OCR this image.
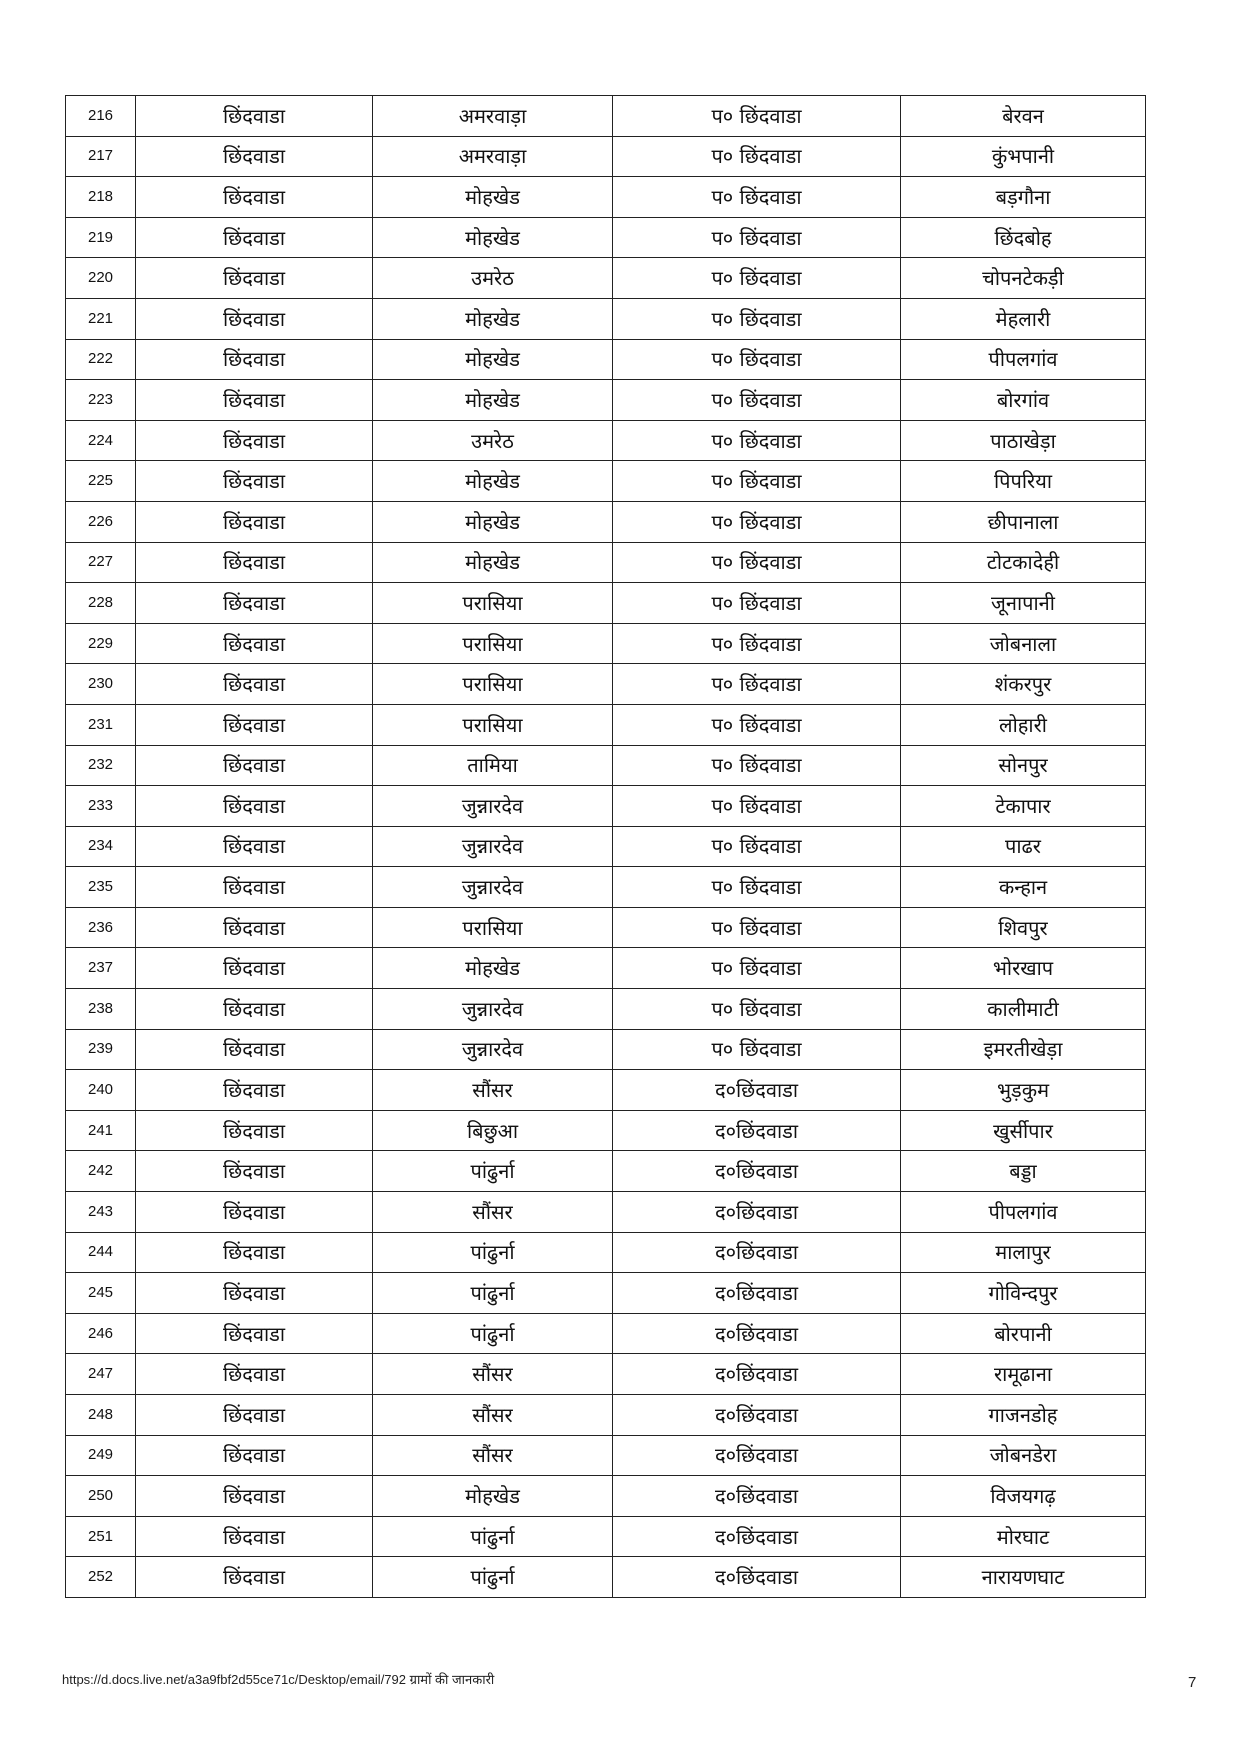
216	छिंदवाडा	अमरवाड़ा	प० छिंदवाडा	बेरवन
217	छिंदवाडा	अमरवाड़ा	प० छिंदवाडा	कुंभपानी
218	छिंदवाडा	मोहखेड	प० छिंदवाडा	बड़गौना
219	छिंदवाडा	मोहखेड	प० छिंदवाडा	छिंदबोह
220	छिंदवाडा	उमरेठ	प० छिंदवाडा	चोपनटेकड़ी
221	छिंदवाडा	मोहखेड	प० छिंदवाडा	मेहलारी
222	छिंदवाडा	मोहखेड	प० छिंदवाडा	पीपलगांव
223	छिंदवाडा	मोहखेड	प० छिंदवाडा	बोरगांव
224	छिंदवाडा	उमरेठ	प० छिंदवाडा	पाठाखेड़ा
225	छिंदवाडा	मोहखेड	प० छिंदवाडा	पिपरिया
226	छिंदवाडा	मोहखेड	प० छिंदवाडा	छीपानाला
227	छिंदवाडा	मोहखेड	प० छिंदवाडा	टोटकादेही
228	छिंदवाडा	परासिया	प० छिंदवाडा	जूनापानी
229	छिंदवाडा	परासिया	प० छिंदवाडा	जोबनाला
230	छिंदवाडा	परासिया	प० छिंदवाडा	शंकरपुर
231	छिंदवाडा	परासिया	प० छिंदवाडा	लोहारी
232	छिंदवाडा	तामिया	प० छिंदवाडा	सोनपुर
233	छिंदवाडा	जुन्नारदेव	प० छिंदवाडा	टेकापार
234	छिंदवाडा	जुन्नारदेव	प० छिंदवाडा	पाढर
235	छिंदवाडा	जुन्नारदेव	प० छिंदवाडा	कन्हान
236	छिंदवाडा	परासिया	प० छिंदवाडा	शिवपुर
237	छिंदवाडा	मोहखेड	प० छिंदवाडा	भोरखाप
238	छिंदवाडा	जुन्नारदेव	प० छिंदवाडा	कालीमाटी
239	छिंदवाडा	जुन्नारदेव	प० छिंदवाडा	इमरतीखेड़ा
240	छिंदवाडा	सौंसर	द०छिंदवाडा	भुड़कुम
241	छिंदवाडा	बिछुआ	द०छिंदवाडा	खुर्सीपार
242	छिंदवाडा	पांढुर्ना	द०छिंदवाडा	बड्डा
243	छिंदवाडा	सौंसर	द०छिंदवाडा	पीपलगांव
244	छिंदवाडा	पांढुर्ना	द०छिंदवाडा	मालापुर
245	छिंदवाडा	पांढुर्ना	द०छिंदवाडा	गोविन्दपुर
246	छिंदवाडा	पांढुर्ना	द०छिंदवाडा	बोरपानी
247	छिंदवाडा	सौंसर	द०छिंदवाडा	रामूढाना
248	छिंदवाडा	सौंसर	द०छिंदवाडा	गाजनडोह
249	छिंदवाडा	सौंसर	द०छिंदवाडा	जोबनडेरा
250	छिंदवाडा	मोहखेड	द०छिंदवाडा	विजयगढ़
251	छिंदवाडा	पांढुर्ना	द०छिंदवाडा	मोरघाट
252	छिंदवाडा	पांढुर्ना	द०छिंदवाडा	नारायणघाट
https://d.docs.live.net/a3a9fbf2d55ce71c/Desktop/email/792 ग्रामों की जानकारी	7
